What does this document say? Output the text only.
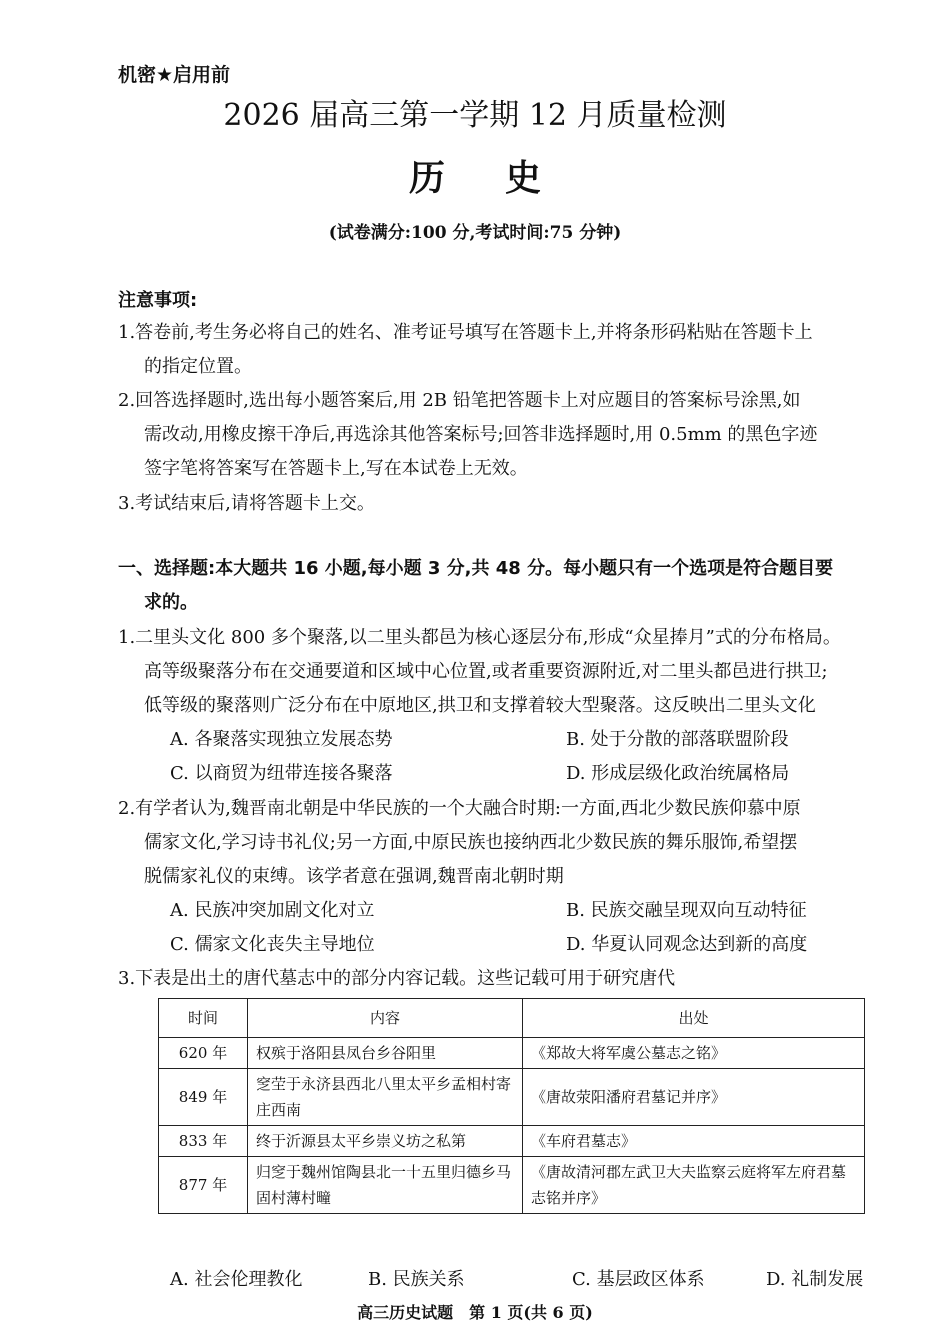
机密★启用前
2026 届高三第一学期 12 月质量检测
历史
(试卷满分:100 分,考试时间:75 分钟)
注意事项:
1.答卷前,考生务必将自己的姓名、准考证号填写在答题卡上,并将条形码粘贴在答题卡上
的指定位置。
2.回答选择题时,选出每小题答案后,用 2B 铅笔把答题卡上对应题目的答案标号涂黑,如
需改动,用橡皮擦干净后,再选涂其他答案标号;回答非选择题时,用 0.5mm 的黑色字迹
签字笔将答案写在答题卡上,写在本试卷上无效。
3.考试结束后,请将答题卡上交。
一、选择题:本大题共 16 小题,每小题 3 分,共 48 分。每小题只有一个选项是符合题目要
求的。
1.二里头文化 800 多个聚落,以二里头都邑为核心逐层分布,形成“众星捧月”式的分布格局。
高等级聚落分布在交通要道和区域中心位置,或者重要资源附近,对二里头都邑进行拱卫;
低等级的聚落则广泛分布在中原地区,拱卫和支撑着较大型聚落。这反映出二里头文化
A. 各聚落实现独立发展态势	B. 处于分散的部落联盟阶段
C. 以商贸为纽带连接各聚落	D. 形成层级化政治统属格局
2.有学者认为,魏晋南北朝是中华民族的一个大融合时期:一方面,西北少数民族仰慕中原
儒家文化,学习诗书礼仪;另一方面,中原民族也接纳西北少数民族的舞乐服饰,希望摆
脱儒家礼仪的束缚。该学者意在强调,魏晋南北朝时期
A. 民族冲突加剧文化对立	B. 民族交融呈现双向互动特征
C. 儒家文化丧失主导地位	D. 华夏认同观念达到新的高度
3.下表是出土的唐代墓志中的部分内容记载。这些记载可用于研究唐代
时间	内容	出处
620 年	权殡于洛阳县凤台乡谷阳里	《郑故大将军虞公墓志之铭》
849 年	窆茔于永济县西北八里太平乡孟相村寄庄西南	《唐故荥阳潘府君墓记并序》
833 年	终于沂源县太平乡崇义坊之私第	《车府君墓志》
877 年	归窆于魏州馆陶县北一十五里归德乡马固村薄村疃	《唐故清河郡左武卫大夫监察云庭将军左府君墓志铭并序》
A. 社会伦理教化	B. 民族关系	C. 基层政区体系	D. 礼制发展
高三历史试题　第 1 页(共 6 页)
